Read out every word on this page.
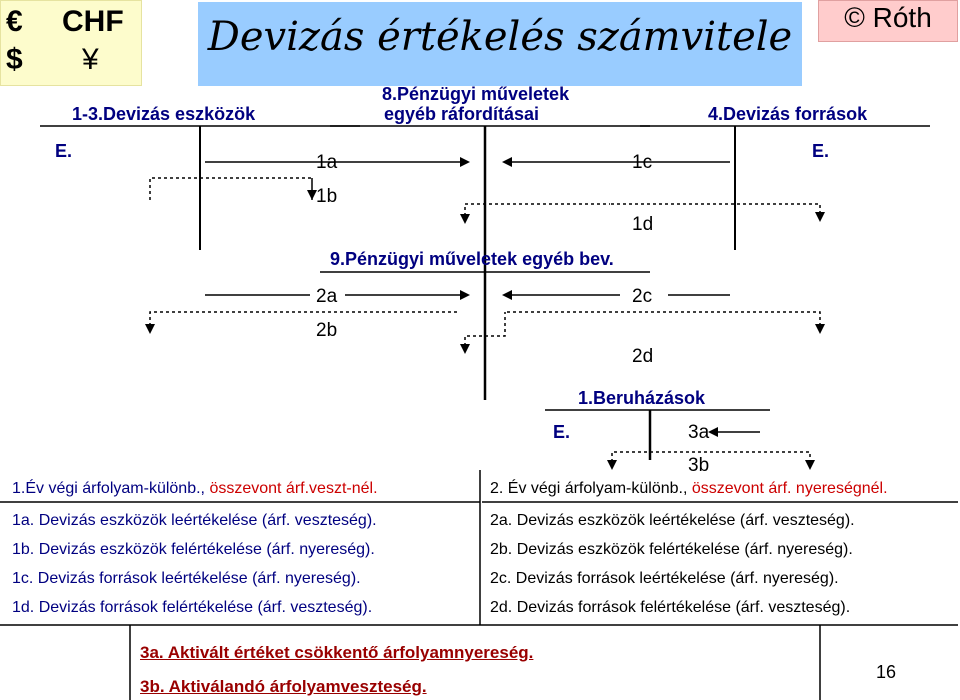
€ CHF
$ ¥	Devizás értékelés számvitele	© Róth
1-3.Devizás eszközök
8.Pénzügyi műveletek
egyéb ráfordításai	4.Devizás források
9.Pénzügyi műveletek egyéb bev.
1.Beruházások
E.	E.
E.
1a
1b
1c
1d
2a
2b
2c
2d
3a
3b
1.Év végi árfolyam-különb., összevont árf.veszt-nél.
1a. Devizás eszközök leértékelése (árf. veszteség).
1b. Devizás eszközök felértékelése (árf. nyereség).
1c. Devizás források leértékelése (árf. nyereség).
1d. Devizás források felértékelése (árf. veszteség).
2. Év végi árfolyam-különb., összevont árf. nyereségnél.
2a. Devizás eszközök leértékelése (árf. veszteség).
2b. Devizás eszközök felértékelése (árf. nyereség).
2c. Devizás források leértékelése (árf. nyereség).
2d. Devizás források felértékelése (árf. veszteség).
3a. Aktivált értéket csökkentő árfolyamnyereség.
3b. Aktiválandó árfolyamveszteség.
16
